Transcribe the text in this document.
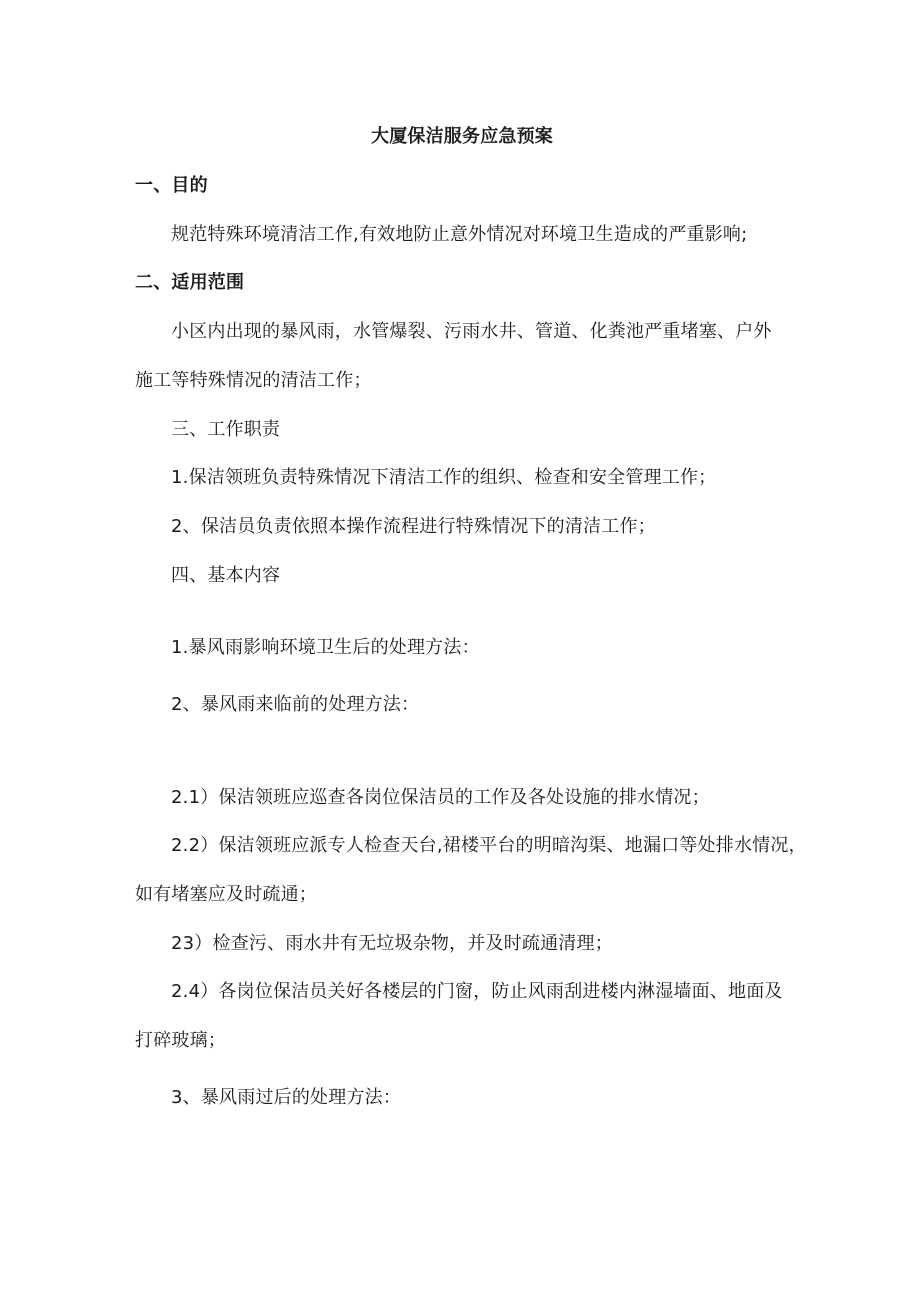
大厦保洁服务应急预案
一、目的
规范特殊环境清洁工作,有效地防止意外情况对环境卫生造成的严重影响;
二、适用范围
小区内出现的暴风雨，水管爆裂、污雨水井、管道、化粪池严重堵塞、户外
施工等特殊情况的清洁工作；
三、工作职责
1.保洁领班负责特殊情况下清洁工作的组织、检查和安全管理工作；
2、保洁员负责依照本操作流程进行特殊情况下的清洁工作；
四、基本内容
1.暴风雨影响环境卫生后的处理方法：
2、暴风雨来临前的处理方法：
2.1）保洁领班应巡查各岗位保洁员的工作及各处设施的排水情况；
2.2）保洁领班应派专人检查天台,裙楼平台的明暗沟渠、地漏口等处排水情况，
如有堵塞应及时疏通；
23）检查污、雨水井有无垃圾杂物，并及时疏通清理；
2.4）各岗位保洁员关好各楼层的门窗，防止风雨刮进楼内淋湿墙面、地面及
打碎玻璃；
3、暴风雨过后的处理方法：
